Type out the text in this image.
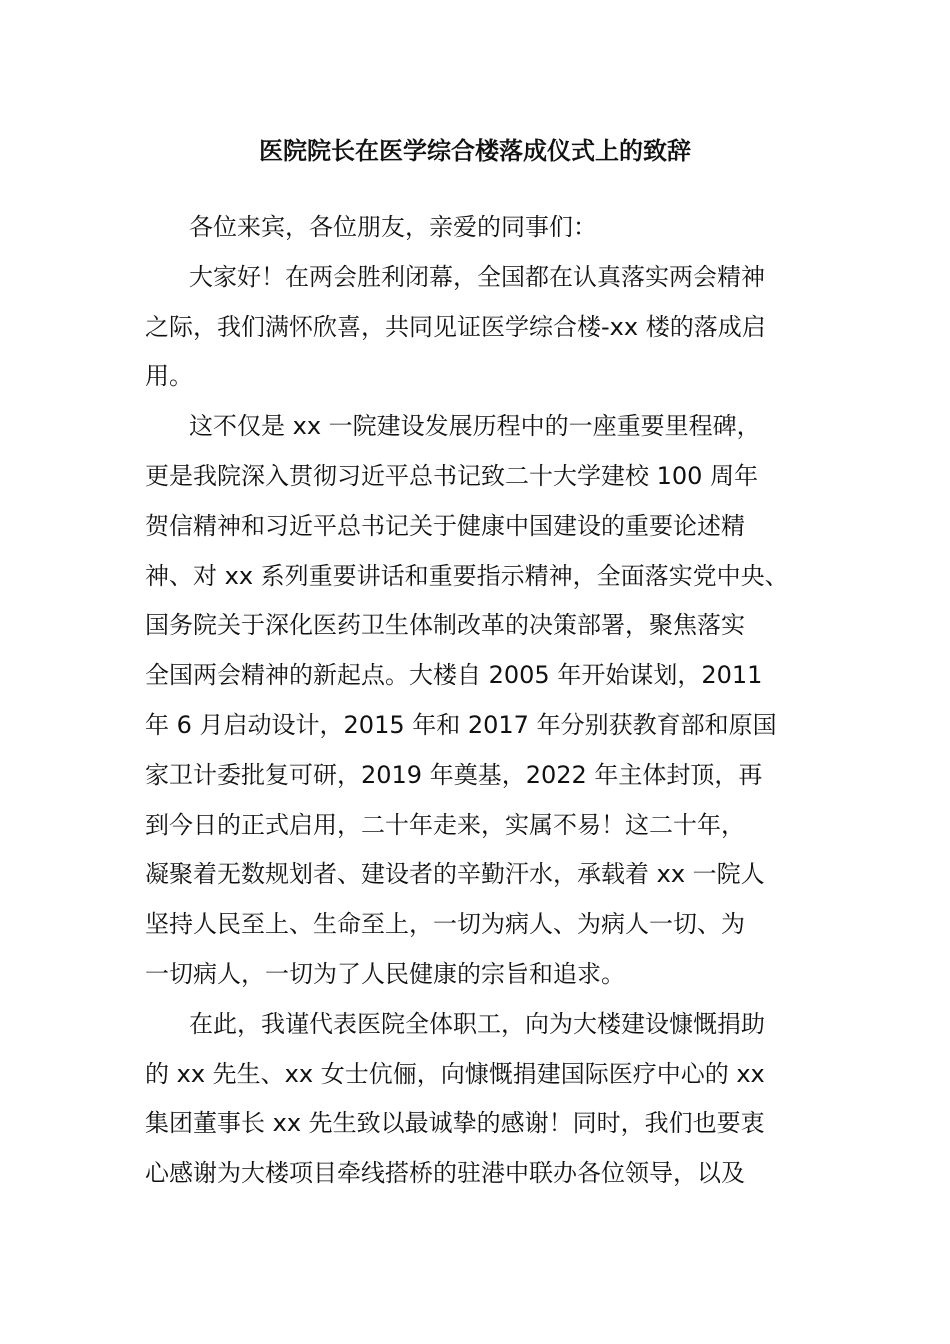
医院院长在医学综合楼落成仪式上的致辞
各位来宾，各位朋友，亲爱的同事们：
大家好！在两会胜利闭幕，全国都在认真落实两会精神
之际，我们满怀欣喜，共同见证医学综合楼-xx 楼的落成启
用。
这不仅是 xx 一院建设发展历程中的一座重要里程碑，
更是我院深入贯彻习近平总书记致二十大学建校 100 周年
贺信精神和习近平总书记关于健康中国建设的重要论述精
神、对 xx 系列重要讲话和重要指示精神，全面落实党中央、
国务院关于深化医药卫生体制改革的决策部署，聚焦落实
全国两会精神的新起点。大楼自 2005 年开始谋划，2011
年 6 月启动设计，2015 年和 2017 年分别获教育部和原国
家卫计委批复可研，2019 年奠基，2022 年主体封顶，再
到今日的正式启用，二十年走来，实属不易！这二十年，
凝聚着无数规划者、建设者的辛勤汗水，承载着 xx 一院人
坚持人民至上、生命至上，一切为病人、为病人一切、为
一切病人，一切为了人民健康的宗旨和追求。
在此，我谨代表医院全体职工，向为大楼建设慷慨捐助
的 xx 先生、xx 女士伉俪，向慷慨捐建国际医疗中心的 xx
集团董事长 xx 先生致以最诚挚的感谢！同时，我们也要衷
心感谢为大楼项目牵线搭桥的驻港中联办各位领导，以及
